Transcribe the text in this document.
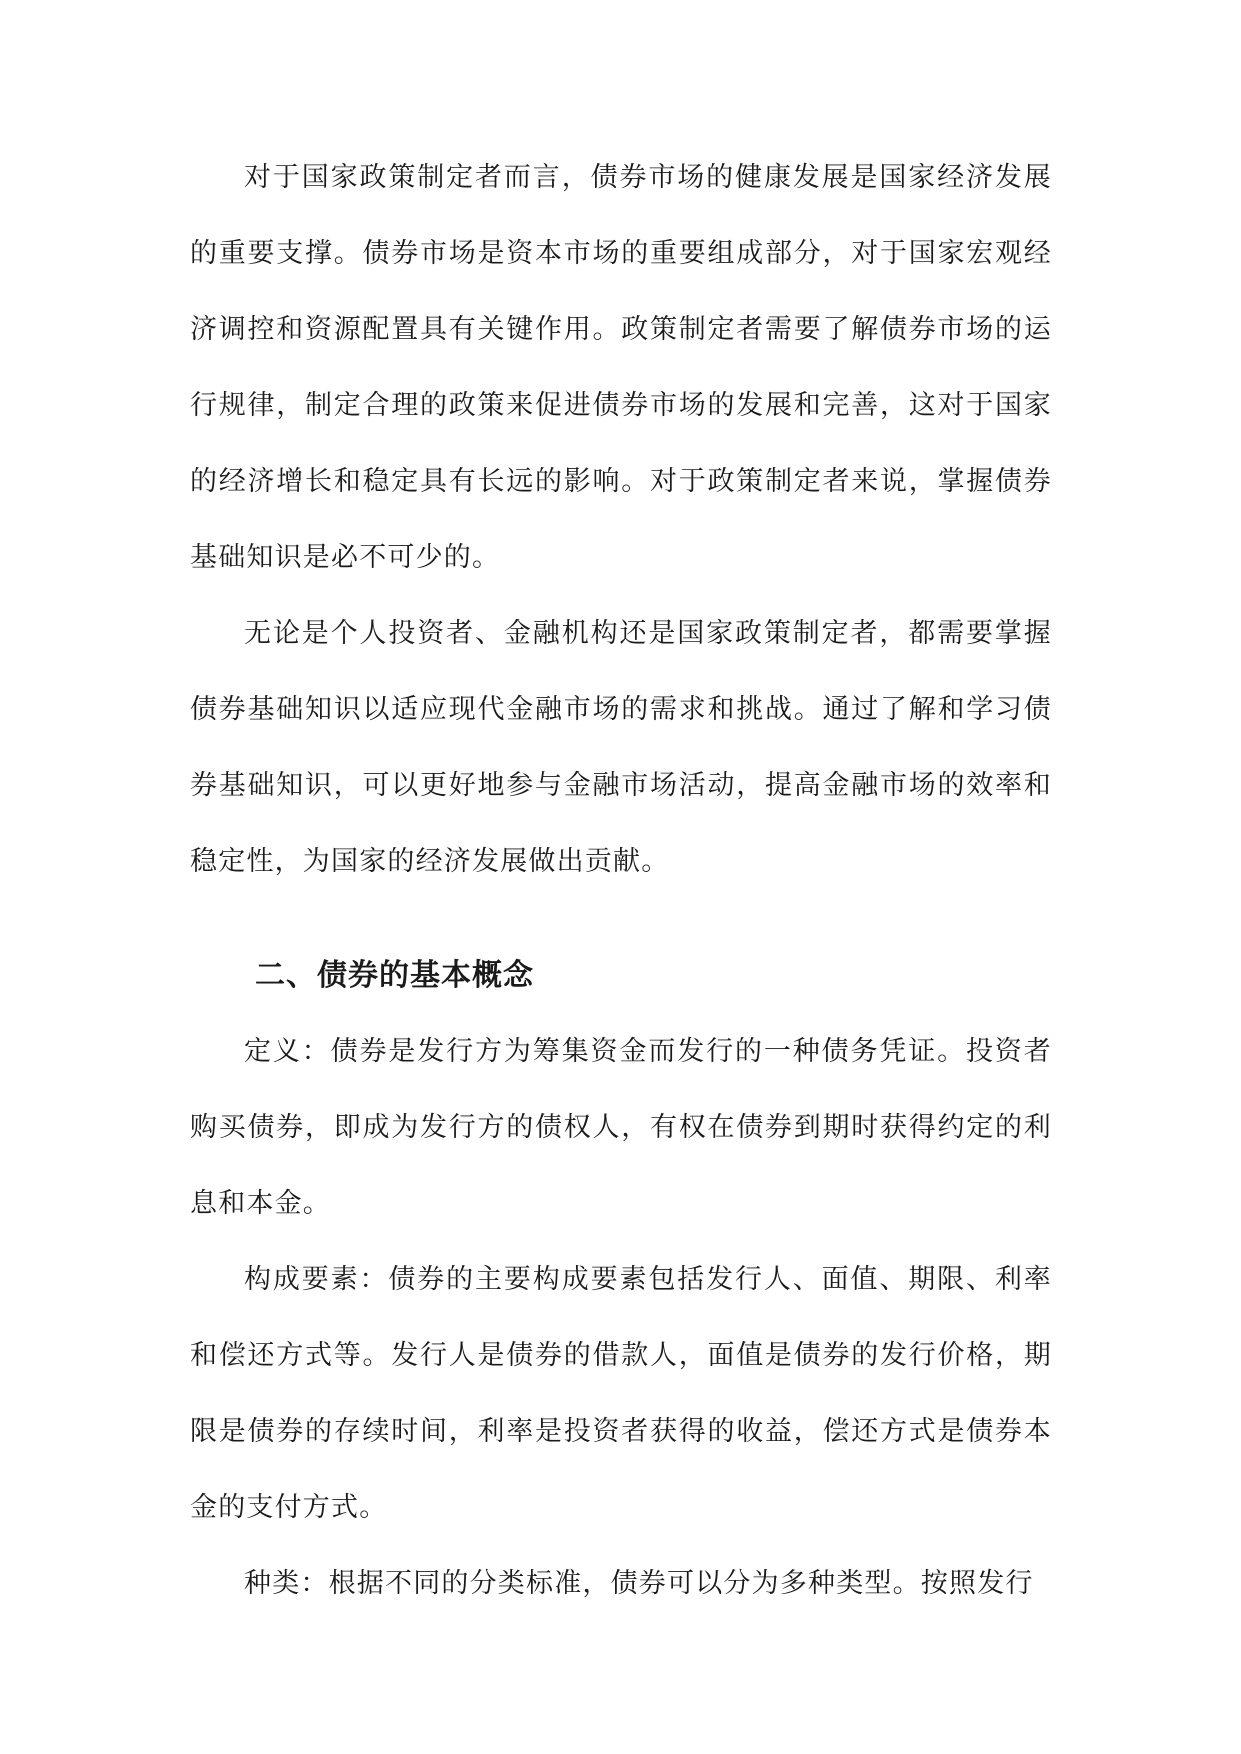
对于国家政策制定者而言，债券市场的健康发展是国家经济发展的重要支撑。债券市场是资本市场的重要组成部分，对于国家宏观经济调控和资源配置具有关键作用。政策制定者需要了解债券市场的运行规律，制定合理的政策来促进债券市场的发展和完善，这对于国家的经济增长和稳定具有长远的影响。对于政策制定者来说，掌握债券基础知识是必不可少的。

无论是个人投资者、金融机构还是国家政策制定者，都需要掌握债券基础知识以适应现代金融市场的需求和挑战。通过了解和学习债券基础知识，可以更好地参与金融市场活动，提高金融市场的效率和稳定性，为国家的经济发展做出贡献。

二、债券的基本概念

定义：债券是发行方为筹集资金而发行的一种债务凭证。投资者购买债券，即成为发行方的债权人，有权在债券到期时获得约定的利息和本金。

构成要素：债券的主要构成要素包括发行人、面值、期限、利率和偿还方式等。发行人是债券的借款人，面值是债券的发行价格，期限是债券的存续时间，利率是投资者获得的收益，偿还方式是债券本金的支付方式。

种类：根据不同的分类标准，债券可以分为多种类型。按照发行
